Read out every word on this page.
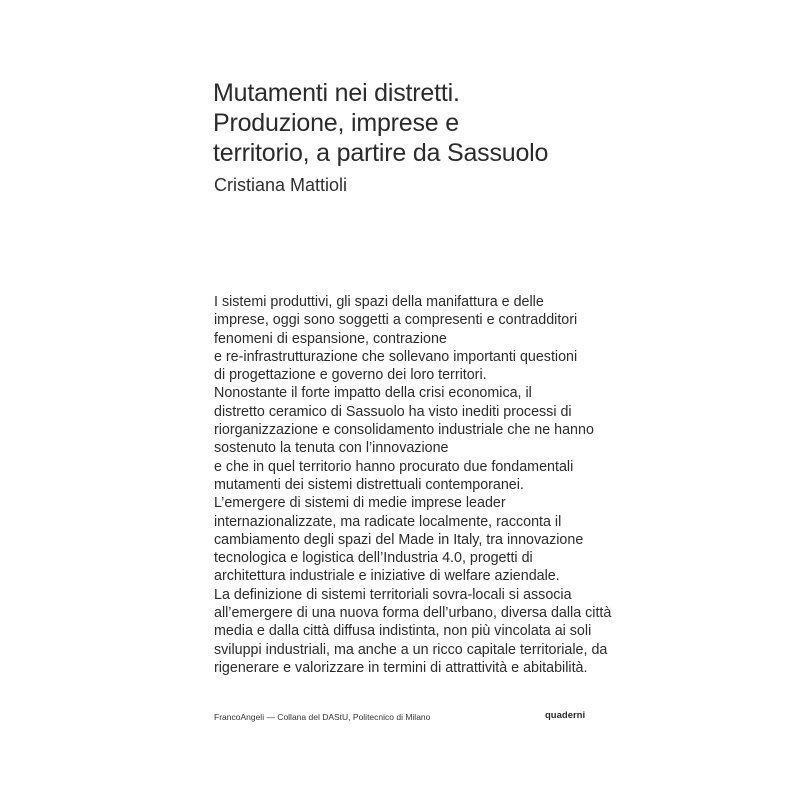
Mutamenti nei distretti.
Produzione, imprese e
territorio, a partire da Sassuolo
Cristiana Mattioli
I sistemi produttivi, gli spazi della manifattura e delle
imprese, oggi sono soggetti a compresenti e contradditori
fenomeni di espansione, contrazione
e re-infrastrutturazione che sollevano importanti questioni
di progettazione e governo dei loro territori.
Nonostante il forte impatto della crisi economica, il
distretto ceramico di Sassuolo ha visto inediti processi di
riorganizzazione e consolidamento industriale che ne hanno
sostenuto la tenuta con l’innovazione
e che in quel territorio hanno procurato due fondamentali
mutamenti dei sistemi distrettuali contemporanei.
L’emergere di sistemi di medie imprese leader
internazionalizzate, ma radicate localmente, racconta il
cambiamento degli spazi del Made in Italy, tra innovazione
tecnologica e logistica dell’Industria 4.0, progetti di
architettura industriale e iniziative di welfare aziendale.
La definizione di sistemi territoriali sovra-locali si associa
all’emergere di una nuova forma dell’urbano, diversa dalla città
media e dalla città diffusa indistinta, non più vincolata ai soli
sviluppi industriali, ma anche a un ricco capitale territoriale, da
rigenerare e valorizzare in termini di attrattività e abitabilità.
FrancoAngeli — Collana del DAStU, Politecnico di Milano	quaderni
